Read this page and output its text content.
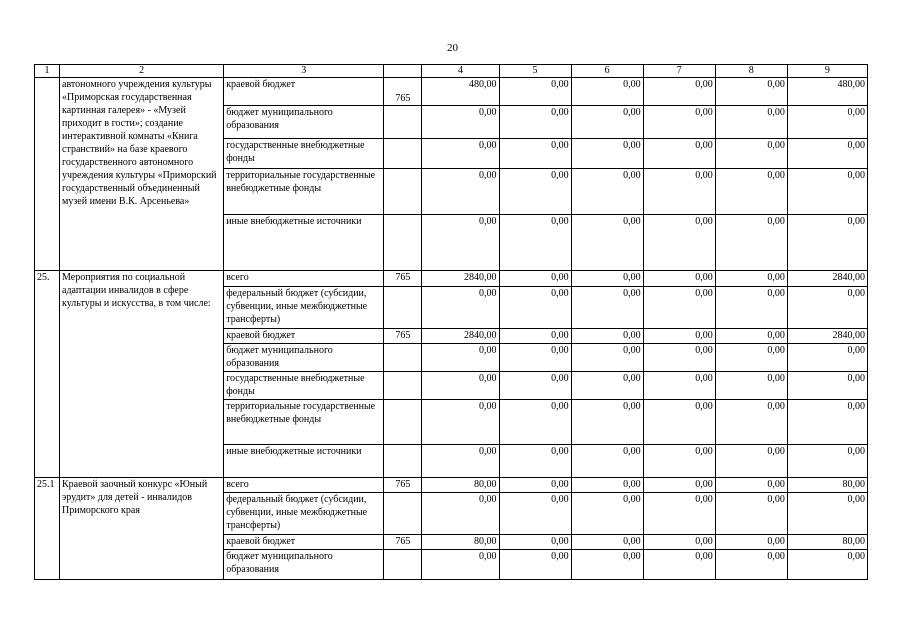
20
1	2	3		4	5	6	7	8	9
	автономного учреждения культуры «Приморская государственная картинная галерея» - «Музей приходит в гости»; создание интерактивной комнаты «Книга странствий» на базе краевого государственного автономного учреждения культуры «Приморский государственный объединенный музей имени В.К. Арсеньева»	краевой бюджет	765	480,00	0,00	0,00	0,00	0,00	480,00
		бюджет муниципального образования		0,00	0,00	0,00	0,00	0,00	0,00
		государственные внебюджетные фонды		0,00	0,00	0,00	0,00	0,00	0,00
		территориальные государственные внебюджетные фонды		0,00	0,00	0,00	0,00	0,00	0,00
		иные внебюджетные источники		0,00	0,00	0,00	0,00	0,00	0,00
25.	Мероприятия по социальной адаптации инвалидов в сфере культуры и искусства, в том числе:	всего	765	2840,00	0,00	0,00	0,00	0,00	2840,00
		федеральный бюджет (субсидии, субвенции, иные межбюджетные трансферты)		0,00	0,00	0,00	0,00	0,00	0,00
		краевой бюджет	765	2840,00	0,00	0,00	0,00	0,00	2840,00
		бюджет муниципального образования		0,00	0,00	0,00	0,00	0,00	0,00
		государственные внебюджетные фонды		0,00	0,00	0,00	0,00	0,00	0,00
		территориальные государственные внебюджетные фонды		0,00	0,00	0,00	0,00	0,00	0,00
		иные внебюджетные источники		0,00	0,00	0,00	0,00	0,00	0,00
25.1	Краевой заочный конкурс «Юный эрудит» для детей - инвалидов Приморского края	всего	765	80,00	0,00	0,00	0,00	0,00	80,00
		федеральный бюджет (субсидии, субвенции, иные межбюджетные трансферты)		0,00	0,00	0,00	0,00	0,00	0,00
		краевой бюджет	765	80,00	0,00	0,00	0,00	0,00	80,00
		бюджет муниципального образования		0,00	0,00	0,00	0,00	0,00	0,00
